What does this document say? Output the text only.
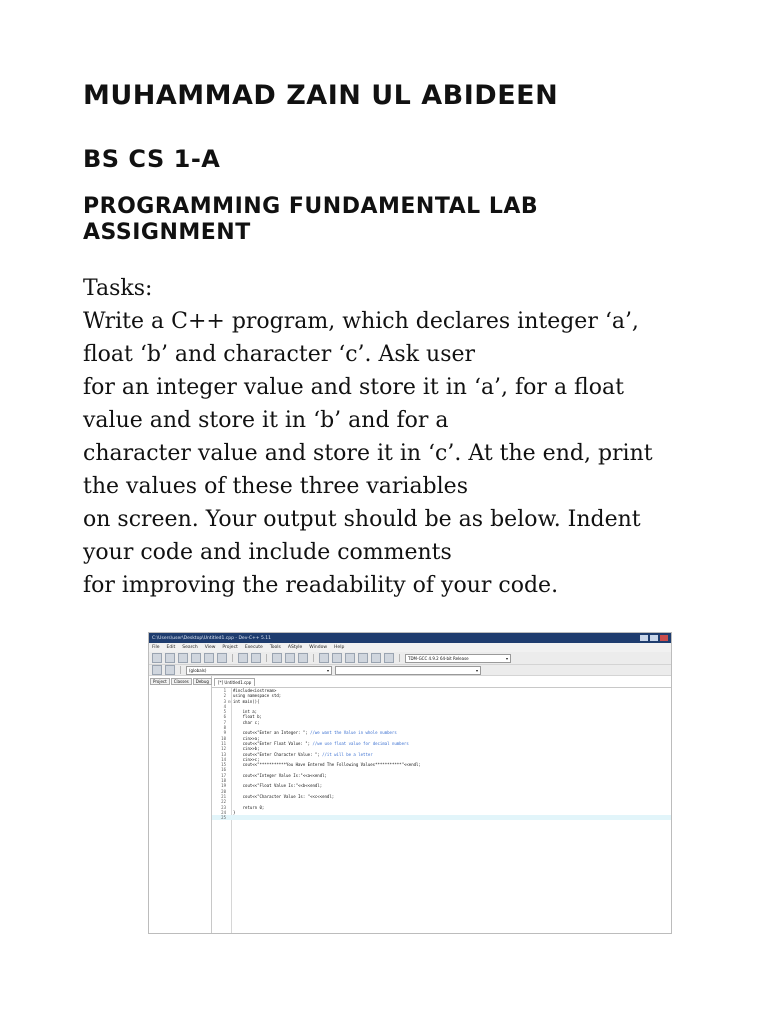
MUHAMMAD ZAIN UL ABIDEEN
BS CS 1-A
PROGRAMMING FUNDAMENTAL LAB ASSIGNMENT
____________________________________________

Tasks:

Write a C++ program, which declares integer ‘a’,

float ‘b’ and character ‘c’. Ask user

for an integer value and store it in ‘a’, for a float

value and store it in ‘b’ and for a

character value and store it in ‘c’. At the end, print

the values of these three variables

on screen. Your output should be as below. Indent

your code and include comments

for improving the readability of your code.

C:\Users\user\Desktop\Untitled1.cpp - Dev-C++ 5.11
File Edit Search View Project Execute Tools AStyle Window Help
TDM-GCC 4.9.2 64-bit Release	▾
(globals)	▾	▾
Project	Classes	Debug	[*] Untitled1.cpp
1 #include<iostream>
2 using namespace std;
3 ⊟ int main(){
4
5 int a;
6 float b;
7 char c;
8
9 cout<<"Enter an Integer: "; //we want the Value in whole numbers
10 cin>>a;
11 cout<<"Enter Float Value: "; //we use float value for decimal numbers
12 cin>>b;
13 cout<<"Enter Character Value: "; //it will be a letter
14 cin>>c;
15 cout<<"***********You Have Entered The Following Values***********"<<endl;
16
17 cout<<"Integer Value Is:"<<a<<endl;
18
19 cout<<"Float Value Is:"<<b<<endl;
20
21 cout<<"Character Value Is: "<<c<<endl;
22
23 return 0;
24 }
25
